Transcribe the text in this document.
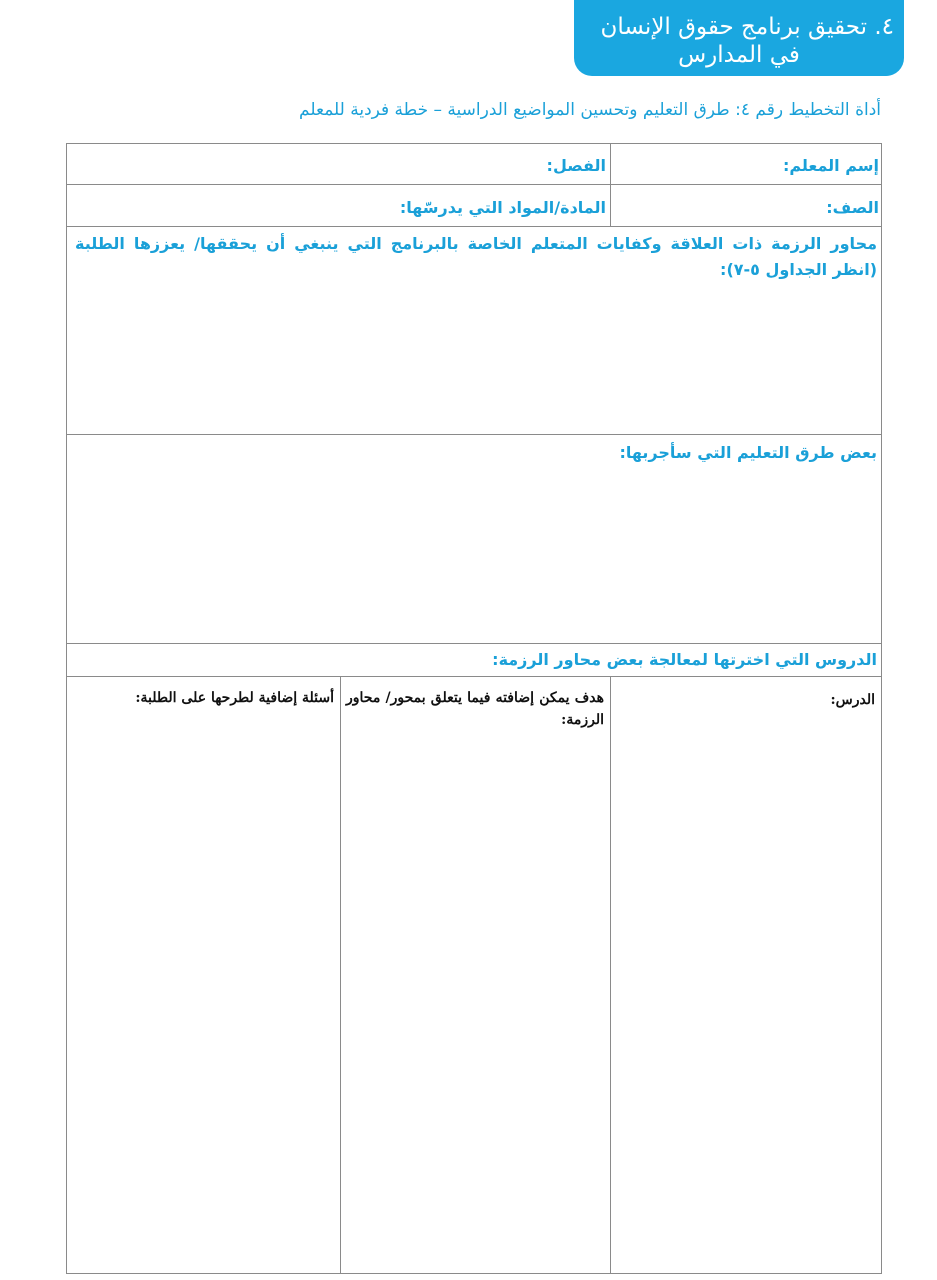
٤. تحقيق برنامج حقوق الإنسان
في المدارس
أداة التخطيط رقم ٤: طرق التعليم وتحسين المواضيع الدراسية – خطة فردية للمعلم
إسم المعلم:
الفصل:
الصف:
المادة/المواد التي يدرسّها:
محاور الرزمة ذات العلاقة وكفايات المتعلم الخاصة بالبرنامج التي ينبغي أن يحققها/ يعززها الطلبة (انظر الجداول ٥-٧):
بعض طرق التعليم التي سأجربها:
الدروس التي اخترتها لمعالجة بعض محاور الرزمة:
الدرس:
هدف يمكن إضافته فيما يتعلق بمحور/ محاور الرزمة:
أسئلة إضافية لطرحها على الطلبة:
